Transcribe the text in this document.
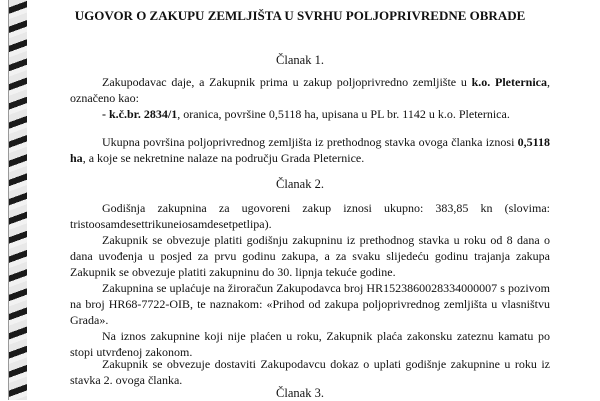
UGOVOR O ZAKUPU ZEMLJIŠTA U SVRHU POLJOPRIVREDNE OBRADE
Članak 1.

Zakupodavac daje, a Zakupnik prima u zakup poljoprivredno zemljište u k.o. Pleternica, označeno kao:

- k.č.br. 2834/1, oranica, površine 0,5118 ha, upisana u PL br. 1142 u k.o. Pleternica.

Ukupna površina poljoprivrednog zemljišta iz prethodnog stavka ovoga članka iznosi 0,5118 ha, a koje se nekretnine nalaze na području Grada Pleternice.

Članak 2.

Godišnja zakupnina za ugovoreni zakup iznosi ukupno: 383,85 kn (slovima: tristoosamdesettrikuneiosamdesetpetlipa).

Zakupnik se obvezuje platiti godišnju zakupninu iz prethodnog stavka u roku od 8 dana o dana uvođenja u posjed za prvu godinu zakupa, a za svaku slijedeću godinu trajanja zakupa Zakupnik se obvezuje platiti zakupninu do 30. lipnja tekuće godine.

Zakupnina se uplaćuje na žiroračun Zakupodavca broj HR1523860028334000007 s pozivom na broj HR68-7722-OIB, te naznakom: «Prihod od zakupa poljoprivrednog zemljišta u vlasništvu Grada».

Na iznos zakupnine koji nije plaćen u roku, Zakupnik plaća zakonsku zateznu kamatu po stopi utvrđenoj zakonom.

Zakupnik se obvezuje dostaviti Zakupodavcu dokaz o uplati godišnje zakupnine u roku iz stavka 2. ovoga članka.

Članak 3.
